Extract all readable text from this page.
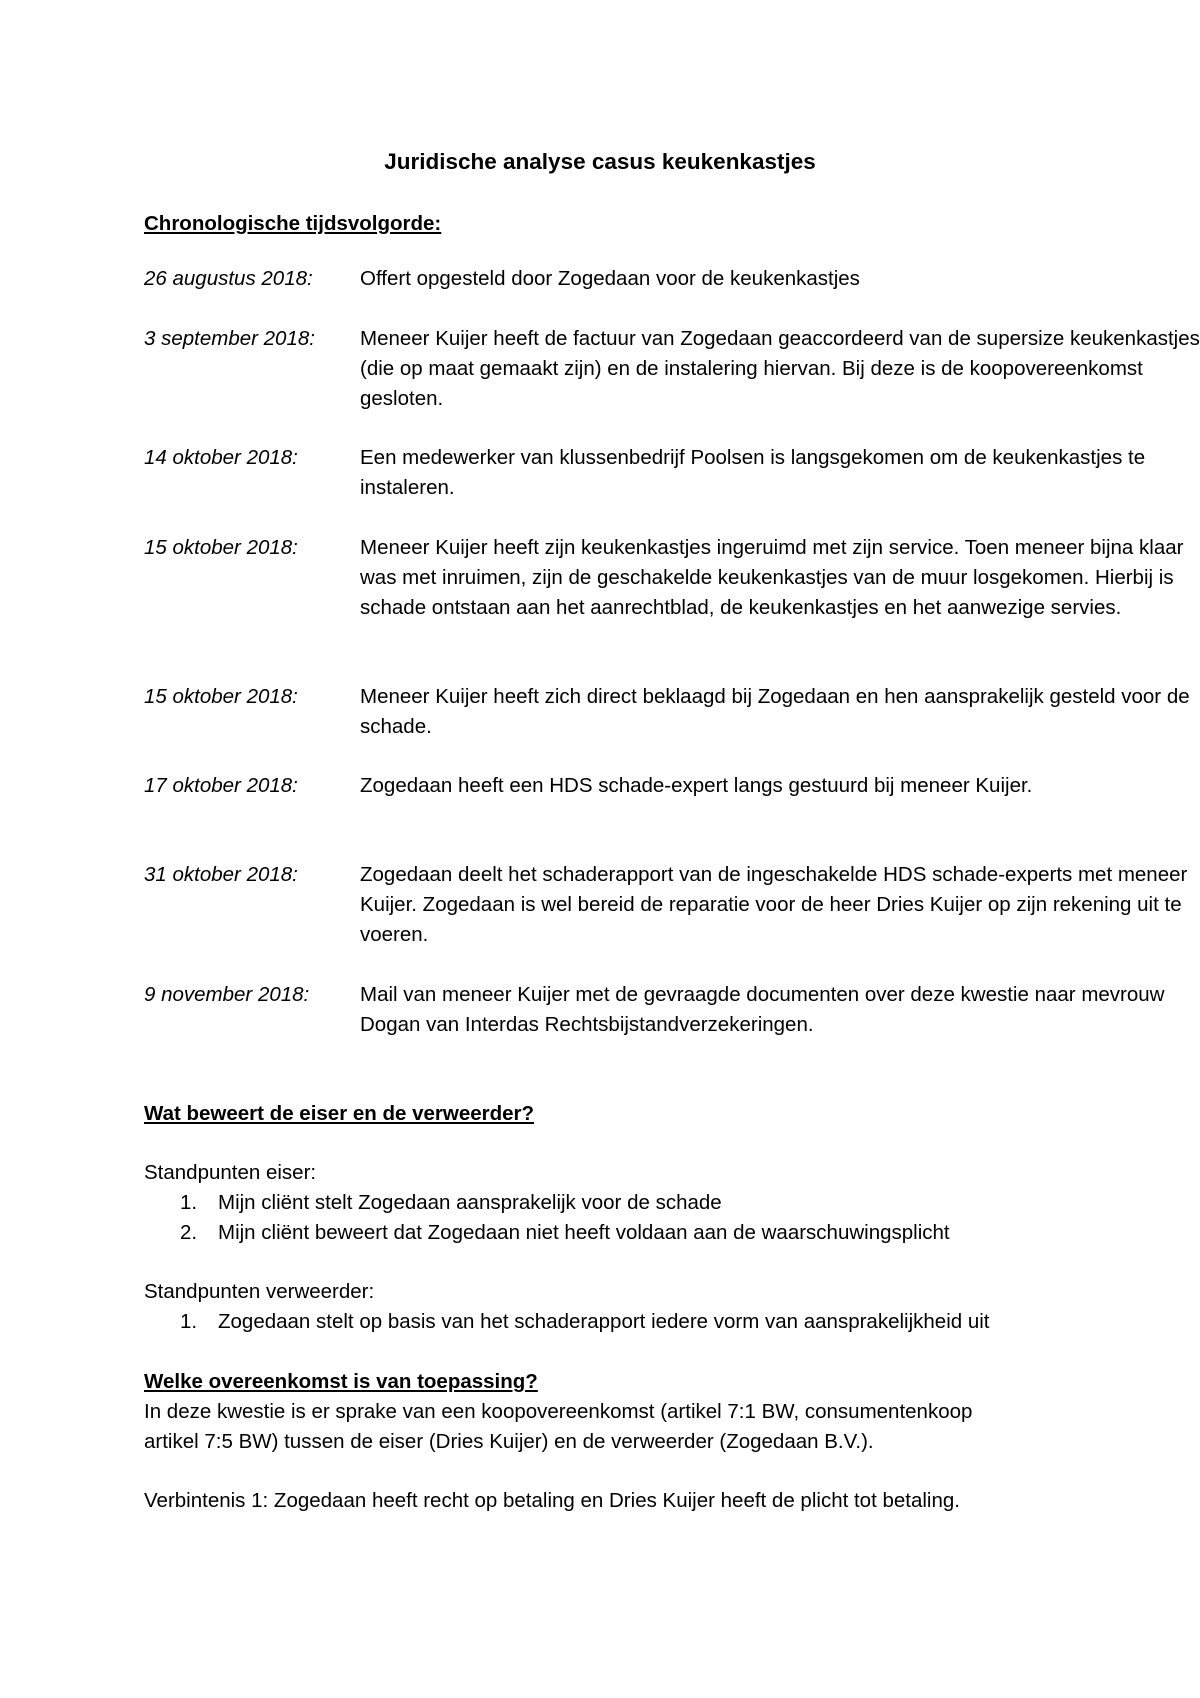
Juridische analyse casus keukenkastjes
Chronologische tijdsvolgorde:
26 augustus 2018: Offert opgesteld door Zogedaan voor de keukenkastjes
3 september 2018: Meneer Kuijer heeft de factuur van Zogedaan geaccordeerd van de supersize keukenkastjes (die op maat gemaakt zijn) en de instalering hiervan. Bij deze is de koopovereenkomst gesloten.
14 oktober 2018:	Een medewerker van klussenbedrijf Poolsen is langsgekomen om de keukenkastjes te instaleren.
15 oktober 2018:	Meneer Kuijer heeft zijn keukenkastjes ingeruimd met zijn service. Toen meneer bijna klaar was met inruimen, zijn de geschakelde keukenkastjes van de muur losgekomen. Hierbij is schade ontstaan aan het aanrechtblad, de keukenkastjes en het aanwezige servies.
15 oktober 2018:	Meneer Kuijer heeft zich direct beklaagd bij Zogedaan en hen aansprakelijk gesteld voor de schade.
17 oktober 2018:	Zogedaan heeft een HDS schade-expert langs gestuurd bij meneer Kuijer.
31 oktober 2018:	Zogedaan deelt het schaderapport van de ingeschakelde HDS schade-experts met meneer Kuijer. Zogedaan is wel bereid de reparatie voor de heer Dries Kuijer op zijn rekening uit te voeren.
9 november 2018: Mail van meneer Kuijer met de gevraagde documenten over deze kwestie naar mevrouw Dogan van Interdas Rechtsbijstandverzekeringen.
Wat beweert de eiser en de verweerder?
Standpunten eiser:
1. Mijn cliënt stelt Zogedaan aansprakelijk voor de schade
2. Mijn cliënt beweert dat Zogedaan niet heeft voldaan aan de waarschuwingsplicht
Standpunten verweerder:
1. Zogedaan stelt op basis van het schaderapport iedere vorm van aansprakelijkheid uit
Welke overeenkomst is van toepassing?
In deze kwestie is er sprake van een koopovereenkomst (artikel 7:1 BW, consumentenkoop
artikel 7:5 BW) tussen de eiser (Dries Kuijer) en de verweerder (Zogedaan B.V.).
Verbintenis 1: Zogedaan heeft recht op betaling en Dries Kuijer heeft de plicht tot betaling.
